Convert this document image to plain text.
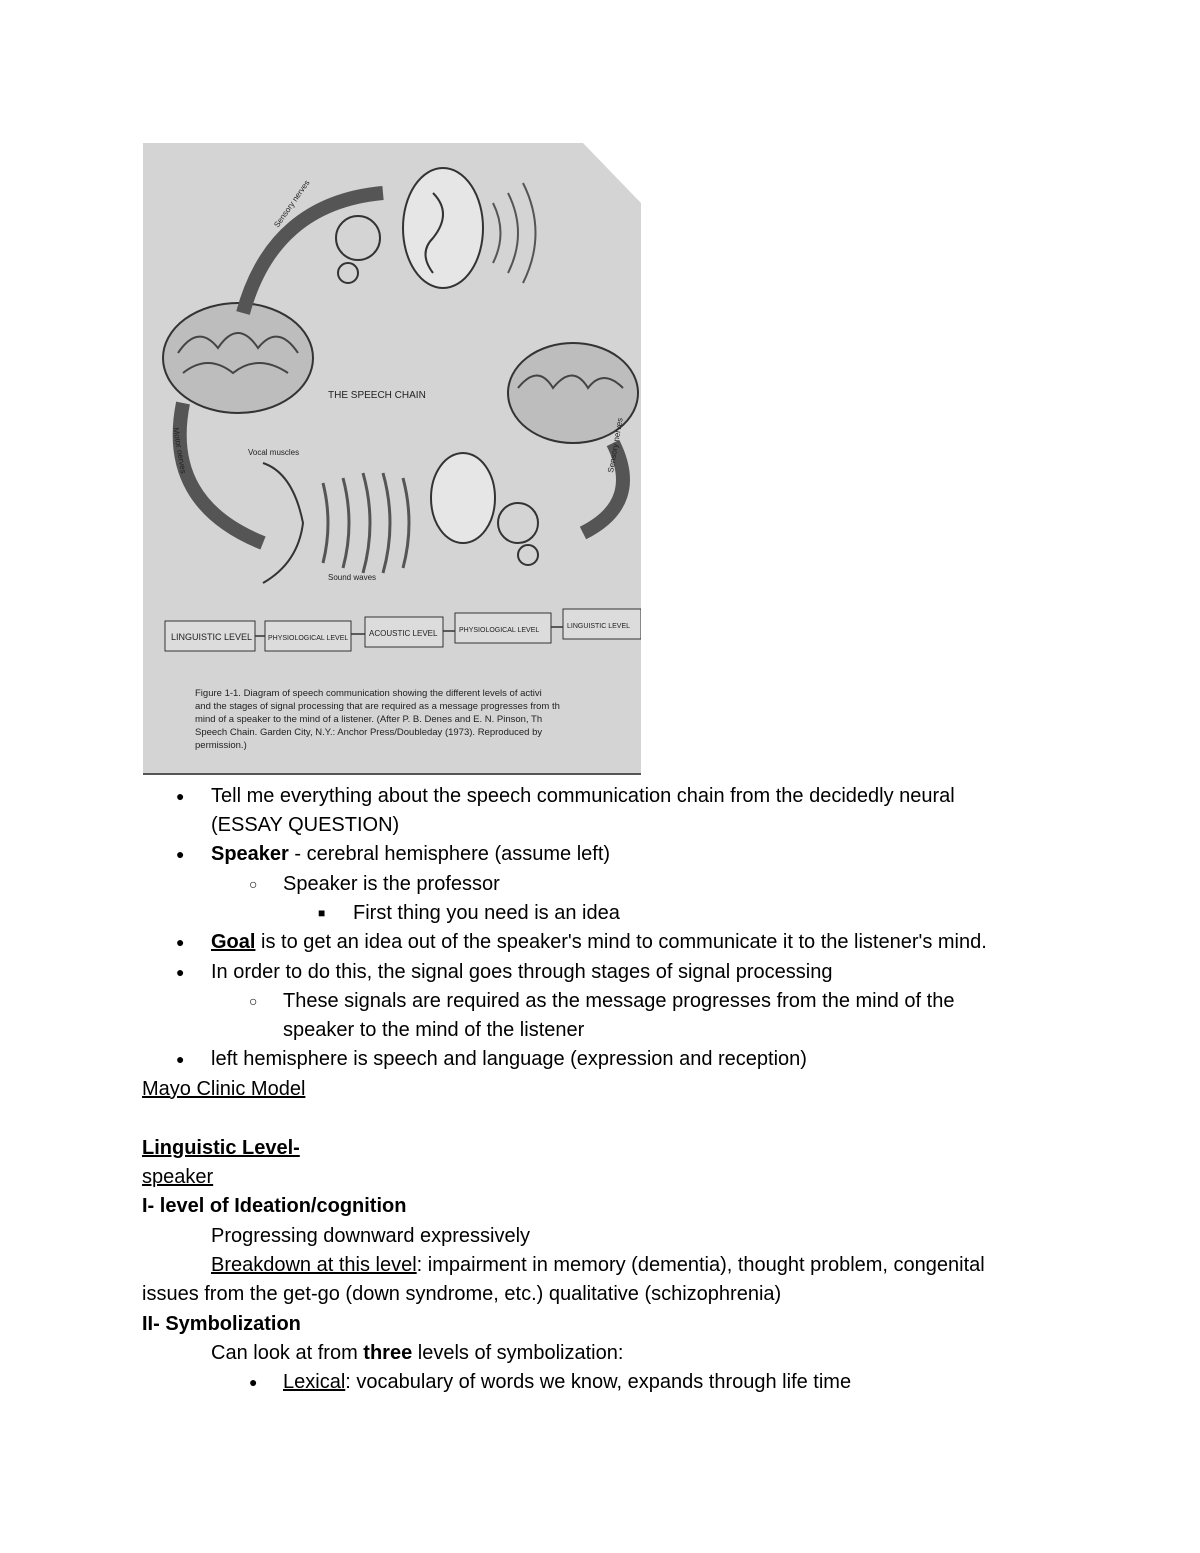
THE SPEECH CHAIN
Sensory nerves
Motor nerves	Sensory nerves
Vocal muscles
Sound waves
LINGUISTIC LEVEL PHYSIOLOGICAL LEVEL
ACOUSTIC LEVEL	PHYSIOLOGICAL LEVEL
LINGUISTIC LEVEL
Figure 1-1. Diagram of speech communication showing the different levels of activi
and the stages of signal processing that are required as a message progresses from th
mind of a speaker to the mind of a listener. (After P. B. Denes and E. N. Pinson, Th
Speech Chain. Garden City, N.Y.: Anchor Press/Doubleday (1973). Reproduced by
permission.)
● Tell me everything about the speech communication chain from the decidedly neural
(ESSAY QUESTION)
● Speaker - cerebral hemisphere (assume left)
○ Speaker is the professor
■ First thing you need is an idea
● Goal is to get an idea out of the speaker's mind to communicate it to the listener's mind.
● In order to do this, the signal goes through stages of signal processing
○ These signals are required as the message progresses from the mind of the
speaker to the mind of the listener
● left hemisphere is speech and language (expression and reception)
Mayo Clinic Model
Linguistic Level-
speaker
I- level of Ideation/cognition
Progressing downward expressively
Breakdown at this level: impairment in memory (dementia), thought problem, congenital
issues from the get-go (down syndrome, etc.) qualitative (schizophrenia)
II- Symbolization
Can look at from three levels of symbolization:
● Lexical: vocabulary of words we know, expands through life time
